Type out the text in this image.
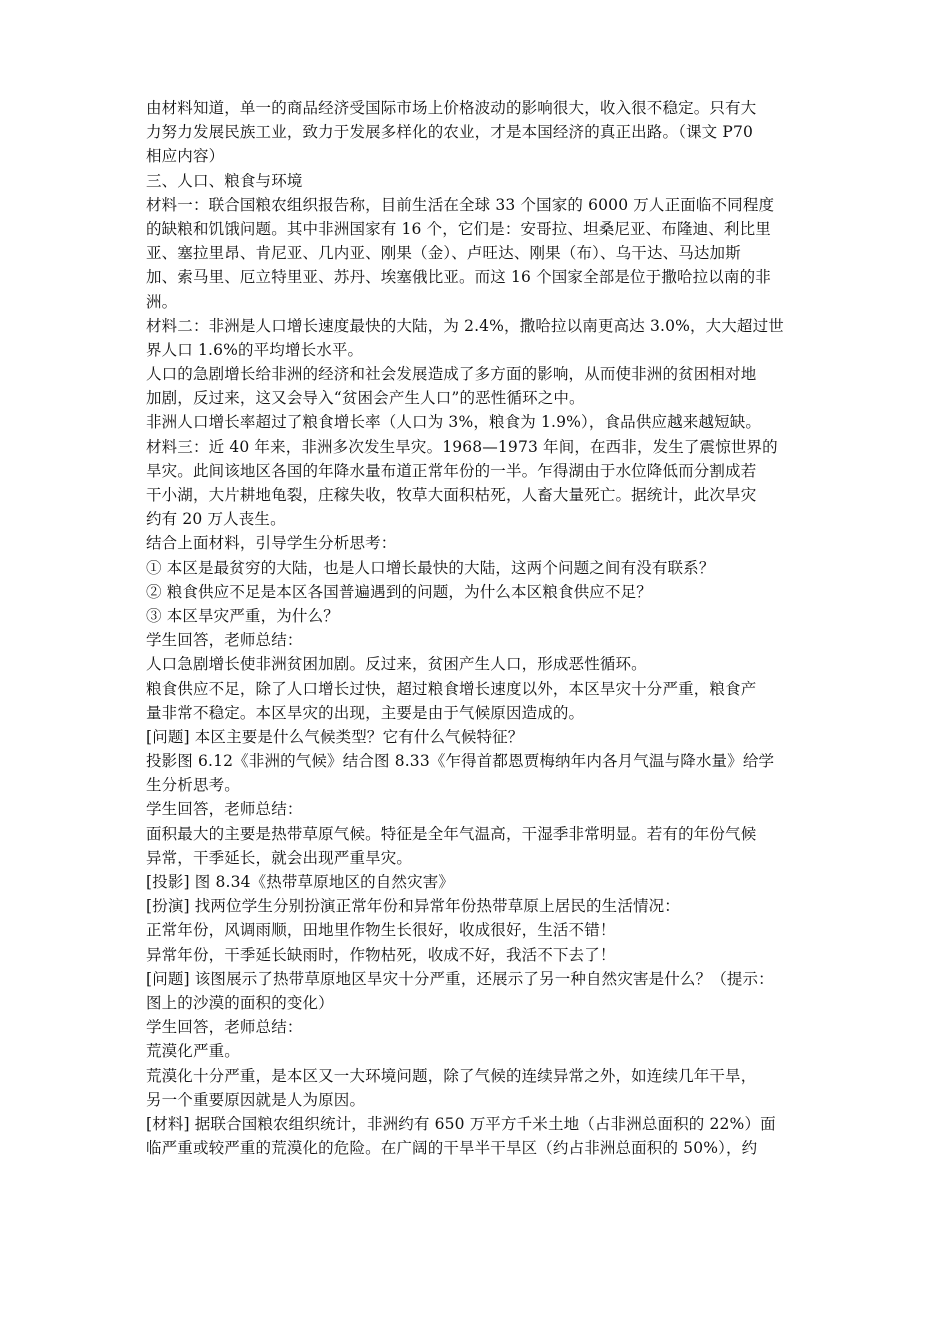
由材料知道，单一的商品经济受国际市场上价格波动的影响很大，收入很不稳定。只有大
力努力发展民族工业，致力于发展多样化的农业，才是本国经济的真正出路。（课文 P70
相应内容）
三、人口、粮食与环境
材料一：联合国粮农组织报告称，目前生活在全球 33 个国家的 6000 万人正面临不同程度
的缺粮和饥饿问题。其中非洲国家有 16 个，它们是：安哥拉、坦桑尼亚、布隆迪、利比里
亚、塞拉里昂、肯尼亚、几内亚、刚果（金）、卢旺达、刚果（布）、乌干达、马达加斯
加、索马里、厄立特里亚、苏丹、埃塞俄比亚。而这 16 个国家全部是位于撒哈拉以南的非
洲。
材料二：非洲是人口增长速度最快的大陆，为 2.4%，撒哈拉以南更高达 3.0%，大大超过世
界人口 1.6%的平均增长水平。
人口的急剧增长给非洲的经济和社会发展造成了多方面的影响，从而使非洲的贫困相对地
加剧，反过来，这又会导入“贫困会产生人口”的恶性循环之中。
非洲人口增长率超过了粮食增长率（人口为 3%，粮食为 1.9%），食品供应越来越短缺。
材料三：近 40 年来，非洲多次发生旱灾。1968—1973 年间，在西非，发生了震惊世界的
旱灾。此间该地区各国的年降水量布道正常年份的一半。乍得湖由于水位降低而分割成若
干小湖，大片耕地龟裂，庄稼失收，牧草大面积枯死，人畜大量死亡。据统计，此次旱灾
约有 20 万人丧生。
结合上面材料，引导学生分析思考：
① 本区是最贫穷的大陆，也是人口增长最快的大陆，这两个问题之间有没有联系？
② 粮食供应不足是本区各国普遍遇到的问题，为什么本区粮食供应不足？
③ 本区旱灾严重，为什么？
学生回答，老师总结：
人口急剧增长使非洲贫困加剧。反过来，贫困产生人口，形成恶性循环。
粮食供应不足，除了人口增长过快，超过粮食增长速度以外，本区旱灾十分严重，粮食产
量非常不稳定。本区旱灾的出现，主要是由于气候原因造成的。
[问题] 本区主要是什么气候类型？它有什么气候特征？
投影图 6.12《非洲的气候》结合图 8.33《乍得首都恩贾梅纳年内各月气温与降水量》给学
生分析思考。
学生回答，老师总结：
面积最大的主要是热带草原气候。特征是全年气温高，干湿季非常明显。若有的年份气候
异常，干季延长，就会出现严重旱灾。
[投影] 图 8.34《热带草原地区的自然灾害》
[扮演] 找两位学生分别扮演正常年份和异常年份热带草原上居民的生活情况：
正常年份，风调雨顺，田地里作物生长很好，收成很好，生活不错！
异常年份，干季延长缺雨时，作物枯死，收成不好，我活不下去了！
[问题] 该图展示了热带草原地区旱灾十分严重，还展示了另一种自然灾害是什么？（提示：
图上的沙漠的面积的变化）
学生回答，老师总结：
荒漠化严重。
荒漠化十分严重，是本区又一大环境问题，除了气候的连续异常之外，如连续几年干旱，
另一个重要原因就是人为原因。
[材料] 据联合国粮农组织统计，非洲约有 650 万平方千米土地（占非洲总面积的 22%）面
临严重或较严重的荒漠化的危险。在广阔的干旱半干旱区（约占非洲总面积的 50%），约
